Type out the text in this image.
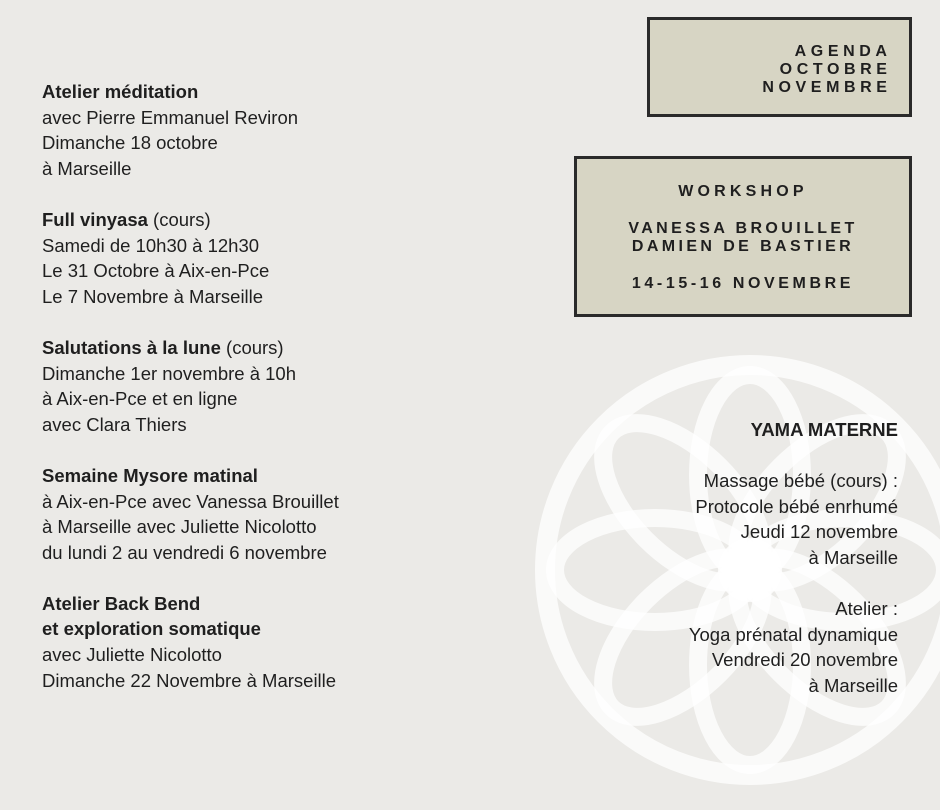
Atelier méditation
avec Pierre Emmanuel Reviron
Dimanche 18 octobre
à Marseille
Full vinyasa (cours)
Samedi de 10h30 à 12h30
Le 31 Octobre à Aix-en-Pce
Le 7 Novembre à Marseille
Salutations à la lune (cours)
Dimanche 1er novembre à 10h
à Aix-en-Pce et en ligne
avec Clara Thiers
Semaine Mysore matinal
à Aix-en-Pce avec Vanessa Brouillet
à Marseille avec Juliette Nicolotto
du lundi 2 au vendredi 6 novembre
Atelier Back Bend
et exploration somatique
avec Juliette Nicolotto
Dimanche 22 Novembre à Marseille
AGENDA
OCTOBRE
NOVEMBRE
WORKSHOP
VANESSA BROUILLET
DAMIEN DE BASTIER
14-15-16 NOVEMBRE
YAMA MATERNE
Massage bébé (cours) :
Protocole bébé enrhumé
Jeudi 12 novembre
à Marseille
Atelier :
Yoga prénatal dynamique
Vendredi 20 novembre
à Marseille
